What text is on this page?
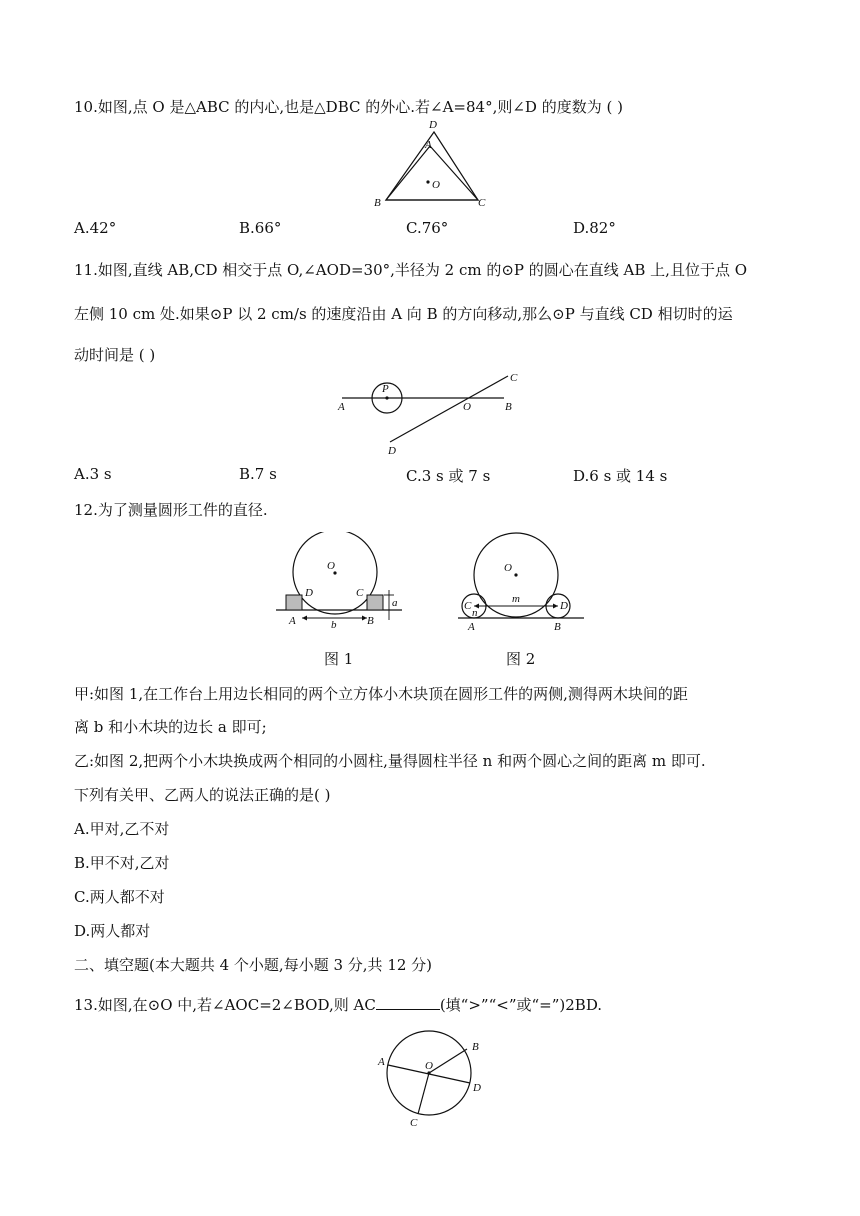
10.如图,点 O 是△ABC 的内心,也是△DBC 的外心.若∠A=84°,则∠D 的度数为 ( )
D
A
O
B	C
A.42°	B.66°	C.76°	D.82°
11.如图,直线 AB,CD 相交于点 O,∠AOD=30°,半径为 2 cm 的⊙P 的圆心在直线 AB 上,且位于点 O
左侧 10 cm 处.如果⊙P 以 2 cm/s 的速度沿由 A 向 B 的方向移动,那么⊙P 与直线 CD 相切时的运
动时间是 ( )
P
A	O	B
C
D
A.3 s	B.7 s	C.3 s 或 7 s	D.6 s 或 14 s
12.为了测量圆形工件的直径.
O
D	C
A	B
a
b
O
m
C
n
D
A	B
图 1	图 2
甲:如图 1,在工作台上用边长相同的两个立方体小木块顶在圆形工件的两侧,测得两木块间的距
离 b 和小木块的边长 a 即可;
乙:如图 2,把两个小木块换成两个相同的小圆柱,量得圆柱半径 n 和两个圆心之间的距离 m 即可.
下列有关甲、乙两人的说法正确的是( )
A.甲对,乙不对
B.甲不对,乙对
C.两人都不对
D.两人都对
二、填空题(本大题共 4 个小题,每小题 3 分,共 12 分)
13.如图,在⊙O 中,若∠AOC=2∠BOD,则 AC	(填“>”“<”或“=”)2BD.
A	O
B
D
C
